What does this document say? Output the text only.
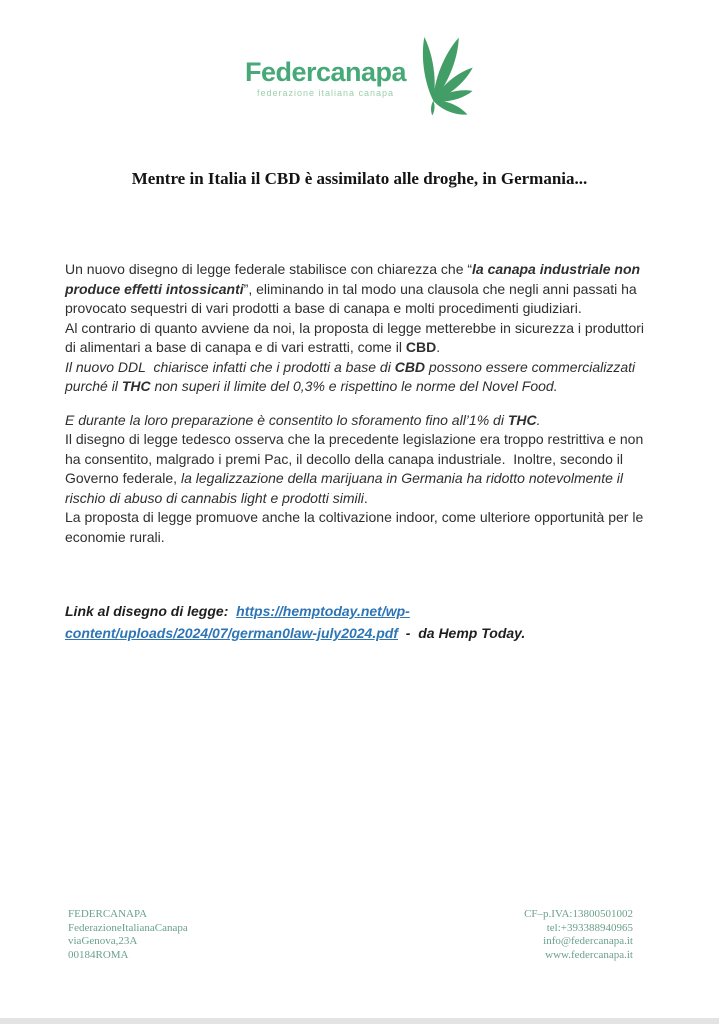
Federcanapa
federazione italiana canapa
Mentre in Italia il CBD è assimilato alle droghe, in Germania...

Un nuovo disegno di legge federale stabilisce con chiarezza che “la canapa industriale non produce effetti intossicanti”, eliminando in tal modo una clausola che negli anni passati ha provocato sequestri di vari prodotti a base di canapa e molti procedimenti giudiziari.

Al contrario di quanto avviene da noi, la proposta di legge metterebbe in sicurezza i produttori di alimentari a base di canapa e di vari estratti, come il CBD.

Il nuovo DDL  chiarisce infatti che i prodotti a base di CBD possono essere commercializzati purché il THC non superi il limite del 0,3% e rispettino le norme del Novel Food.

E durante la loro preparazione è consentito lo sforamento fino all’1% di THC.

Il disegno di legge tedesco osserva che la precedente legislazione era troppo restrittiva e non ha consentito, malgrado i premi Pac, il decollo della canapa industriale.  Inoltre, secondo il Governo federale, la legalizzazione della marijuana in Germania ha ridotto notevolmente il rischio di abuso di cannabis light e prodotti simili.

La proposta di legge promuove anche la coltivazione indoor, come ulteriore opportunità per le economie rurali.

Link al disegno di legge:  https://hemptoday.net/wp-content/uploads/2024/07/german0law-july2024.pdf  -  da Hemp Today.

FEDERCANAPA
FederazioneItalianaCanapa
viaGenova,23A
00184ROMA
CF–p.IVA:13800501002
tel:+393388940965
info@federcanapa.it
www.federcanapa.it
